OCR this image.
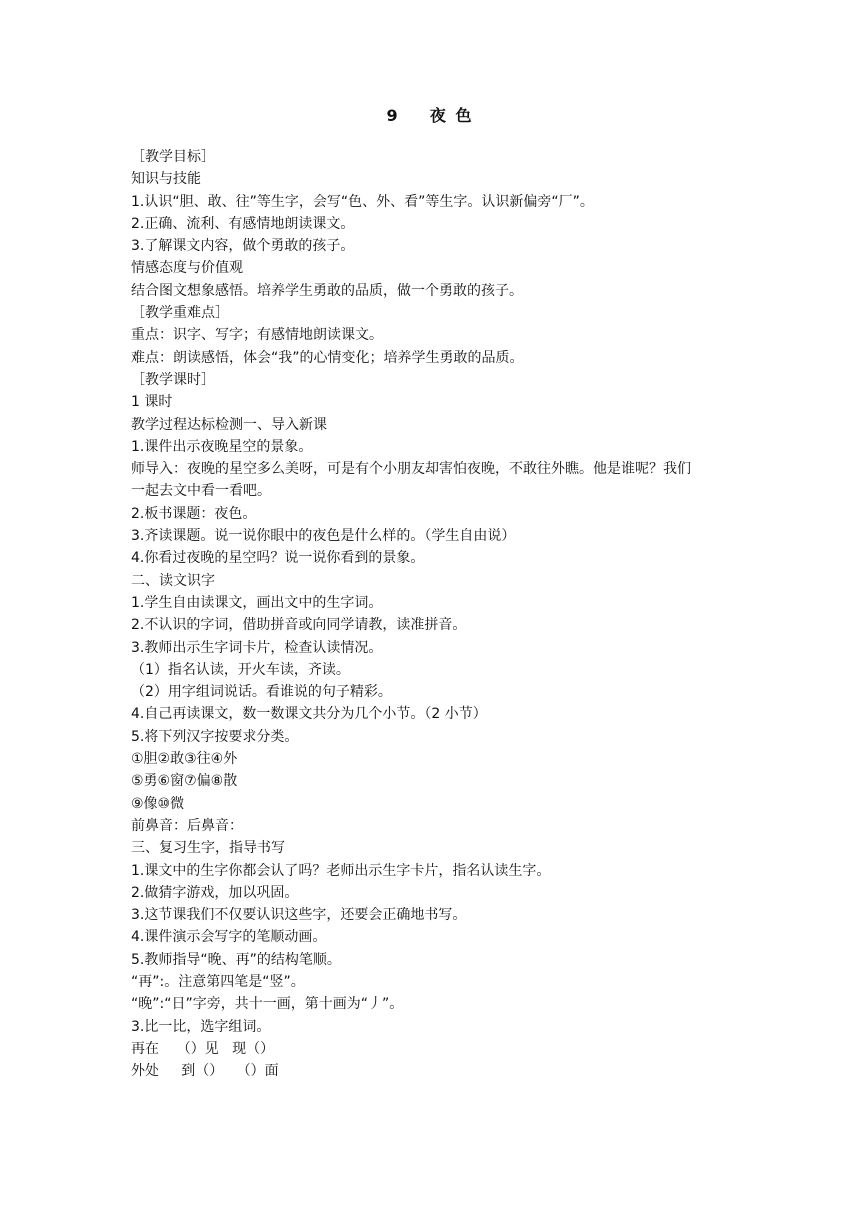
9    夜 色
［教学目标］
知识与技能
1.认识“胆、敢、往”等生字，会写“色、外、看”等生字。认识新偏旁“厂”。
2.正确、流利、有感情地朗读课文。
3.了解课文内容，做个勇敢的孩子。
情感态度与价值观
结合图文想象感悟。培养学生勇敢的品质，做一个勇敢的孩子。
［教学重难点］
重点：识字、写字；有感情地朗读课文。
难点：朗读感悟，体会“我”的心情变化；培养学生勇敢的品质。
［教学课时］
1 课时
教学过程达标检测一、导入新课
1.课件出示夜晚星空的景象。
师导入：夜晚的星空多么美呀，可是有个小朋友却害怕夜晚，不敢往外瞧。他是谁呢？我们
一起去文中看一看吧。
2.板书课题：夜色。
3.齐读课题。说一说你眼中的夜色是什么样的。（学生自由说）
4.你看过夜晚的星空吗？说一说你看到的景象。
二、读文识字
1.学生自由读课文，画出文中的生字词。
2.不认识的字词，借助拼音或向同学请教，读准拼音。
3.教师出示生字词卡片，检查认读情况。
（1）指名认读，开火车读，齐读。
（2）用字组词说话。看谁说的句子精彩。
4.自己再读课文，数一数课文共分为几个小节。（2 小节）
5.将下列汉字按要求分类。
①胆②敢③往④外
⑤勇⑥窗⑦偏⑧散
⑨像⑩微
前鼻音：后鼻音：
三、复习生字，指导书写
1.课文中的生字你都会认了吗？老师出示生字卡片，指名认读生字。
2.做猜字游戏，加以巩固。
3.这节课我们不仅要认识这些字，还要会正确地书写。
4.课件演示会写字的笔顺动画。
5.教师指导“晚、再”的结构笔顺。
“再”:。注意第四笔是“竖”。
“晚”:“日”字旁，共十一画，第十画为“丿”。
3.比一比，选字组词。
再在    （）见   现（）
外处     到（）   （）面
